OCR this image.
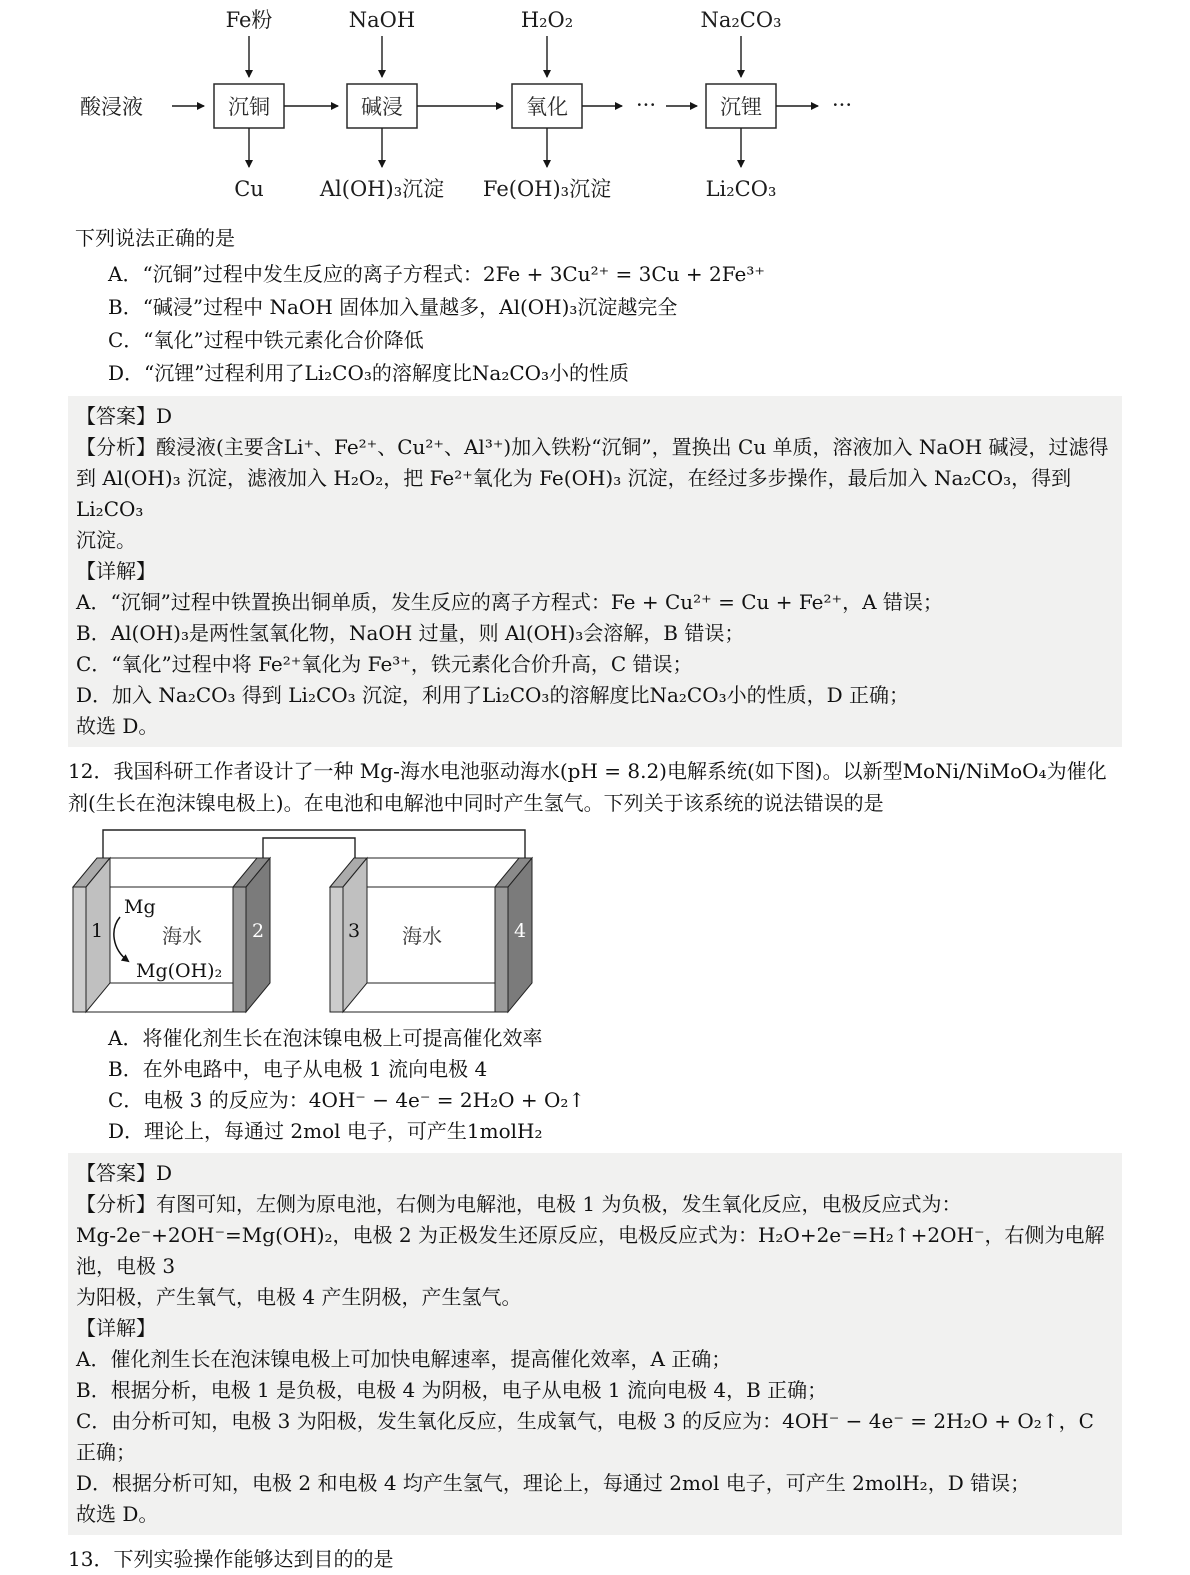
Fe粉	NaOH	H₂O₂	Na₂CO₃
酸浸液	沉铜	碱浸	氧化	沉锂
···	···
Cu	Al(OH)₃沉淀 Fe(OH)₃沉淀	Li₂CO₃
下列说法正确的是
A．“沉铜”过程中发生反应的离子方程式：2Fe + 3Cu²⁺ = 3Cu + 2Fe³⁺
B．“碱浸”过程中 NaOH 固体加入量越多，Al(OH)₃沉淀越完全
C．“氧化”过程中铁元素化合价降低
D．“沉锂”过程利用了Li₂CO₃的溶解度比Na₂CO₃小的性质
【答案】D
【分析】酸浸液(主要含Li⁺、Fe²⁺、Cu²⁺、Al³⁺)加入铁粉“沉铜”，置换出 Cu 单质，溶液加入 NaOH 碱浸，过滤得
到 Al(OH)₃ 沉淀，滤液加入 H₂O₂，把 Fe²⁺氧化为 Fe(OH)₃ 沉淀，在经过多步操作，最后加入 Na₂CO₃，得到 Li₂CO₃
沉淀。
【详解】
A．“沉铜”过程中铁置换出铜单质，发生反应的离子方程式：Fe + Cu²⁺ = Cu + Fe²⁺，A 错误；
B．Al(OH)₃是两性氢氧化物，NaOH 过量，则 Al(OH)₃会溶解，B 错误；
C．“氧化”过程中将 Fe²⁺氧化为 Fe³⁺，铁元素化合价升高，C 错误；
D．加入 Na₂CO₃ 得到 Li₂CO₃ 沉淀，利用了Li₂CO₃的溶解度比Na₂CO₃小的性质，D 正确；
故选 D。
12．我国科研工作者设计了一种 Mg-海水电池驱动海水(pH = 8.2)电解系统(如下图)。以新型MoNi/NiMoO₄为催化
剂(生长在泡沫镍电极上)。在电池和电解池中同时产生氢气。下列关于该系统的说法错误的是
1	2
Mg
Mg(OH)₂
海水	3	4
海水
A．将催化剂生长在泡沫镍电极上可提高催化效率
B．在外电路中，电子从电极 1 流向电极 4
C．电极 3 的反应为：4OH⁻ − 4e⁻ = 2H₂O + O₂↑
D．理论上，每通过 2mol 电子，可产生1molH₂
【答案】D
【分析】有图可知，左侧为原电池，右侧为电解池，电极 1 为负极，发生氧化反应，电极反应式为：
Mg-2e⁻+2OH⁻=Mg(OH)₂，电极 2 为正极发生还原反应，电极反应式为：H₂O+2e⁻=H₂↑+2OH⁻，右侧为电解池，电极 3
为阳极，产生氧气，电极 4 产生阴极，产生氢气。
【详解】
A．催化剂生长在泡沫镍电极上可加快电解速率，提高催化效率，A 正确；
B．根据分析，电极 1 是负极，电极 4 为阴极，电子从电极 1 流向电极 4，B 正确；
C．由分析可知，电极 3 为阳极，发生氧化反应，生成氧气，电极 3 的反应为：4OH⁻ − 4e⁻ = 2H₂O + O₂↑，C 正确；
D．根据分析可知，电极 2 和电极 4 均产生氢气，理论上，每通过 2mol 电子，可产生 2molH₂，D 错误；
故选 D。
13．下列实验操作能够达到目的的是
